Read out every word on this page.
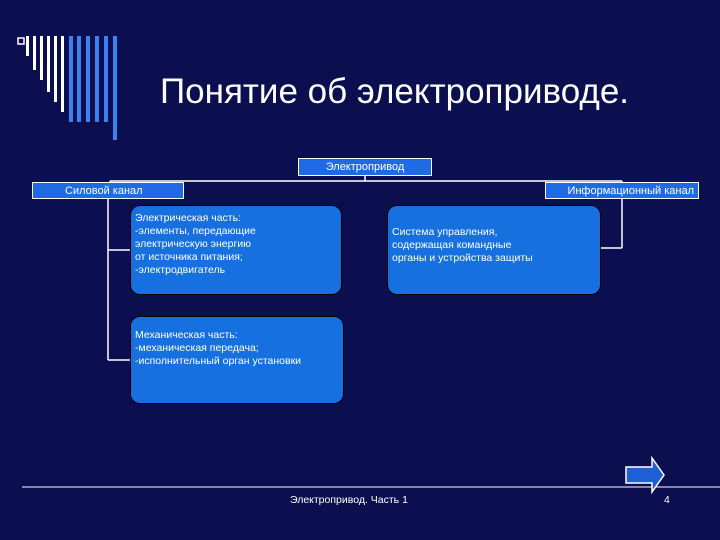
Понятие об электроприводе.
Электропривод
Силовой канал	Информационный канал
Электрическая часть:
-элементы, передающие
электрическую энергию
от источника питания;
-электродвигатель
Система управления,
содержащая командные
органы и устройства защиты
Механическая часть:
-механическая передача;
-исполнительный орган установки
Электропривод. Часть 1	4
